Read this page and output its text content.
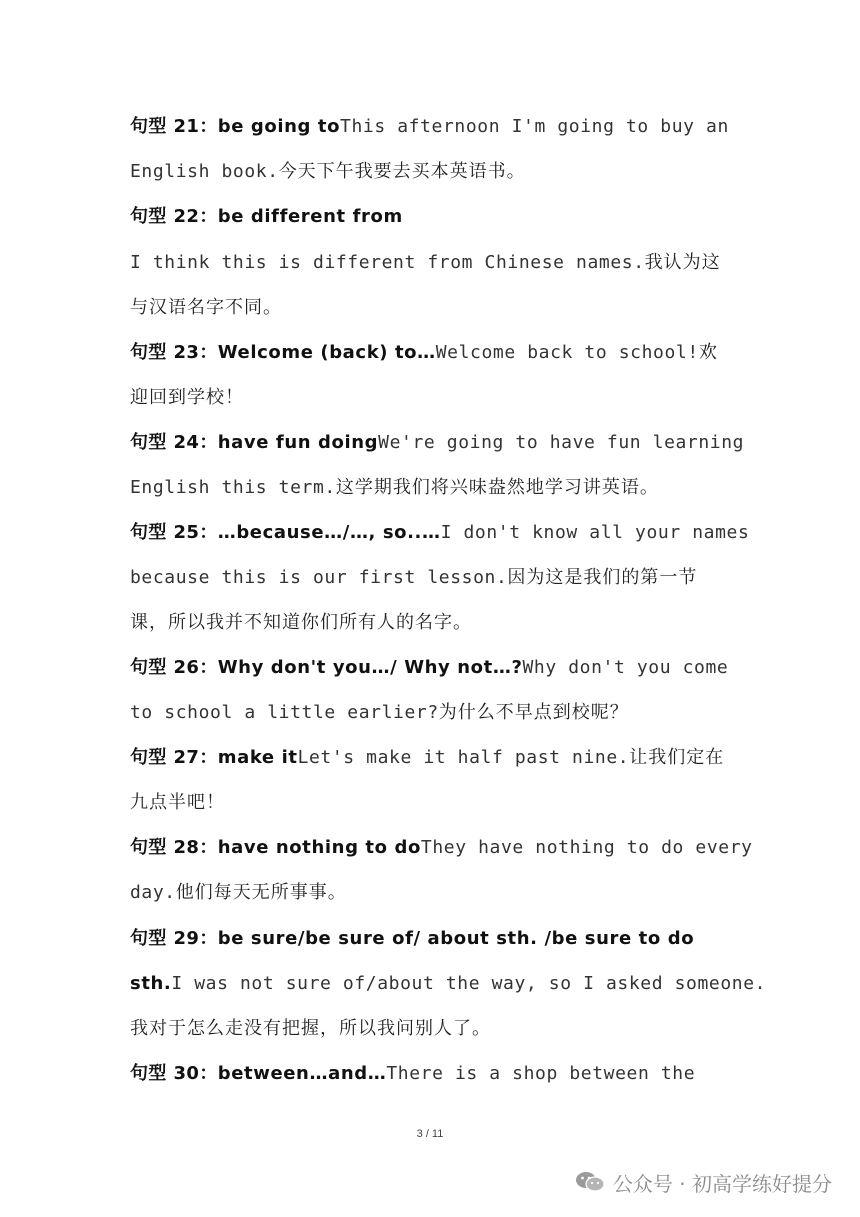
句型 21：be going toThis afternoon I'm going to buy an
English book.今天下午我要去买本英语书。
句型 22：be different from
I think this is different from Chinese names.我认为这
与汉语名字不同。
句型 23：Welcome (back) to…Welcome back to school!欢
迎回到学校！
句型 24：have fun doingWe're going to have fun learning
English this term.这学期我们将兴味盎然地学习讲英语。
句型 25：…because…/…, so..…I don't know all your names
because this is our first lesson.因为这是我们的第一节
课，所以我并不知道你们所有人的名字。
句型 26：Why don't you…/ Why not…?Why don't you come
to school a little earlier?为什么不早点到校呢？
句型 27：make itLet's make it half past nine.让我们定在
九点半吧！
句型 28：have nothing to doThey have nothing to do every
day.他们每天无所事事。
句型 29：be sure/be sure of/ about sth. /be sure to do
sth.I was not sure of/about the way, so I asked someone.
我对于怎么走没有把握，所以我问别人了。
句型 30：between…and…There is a shop between the
3 / 11
公众号 · 初高学练好提分
